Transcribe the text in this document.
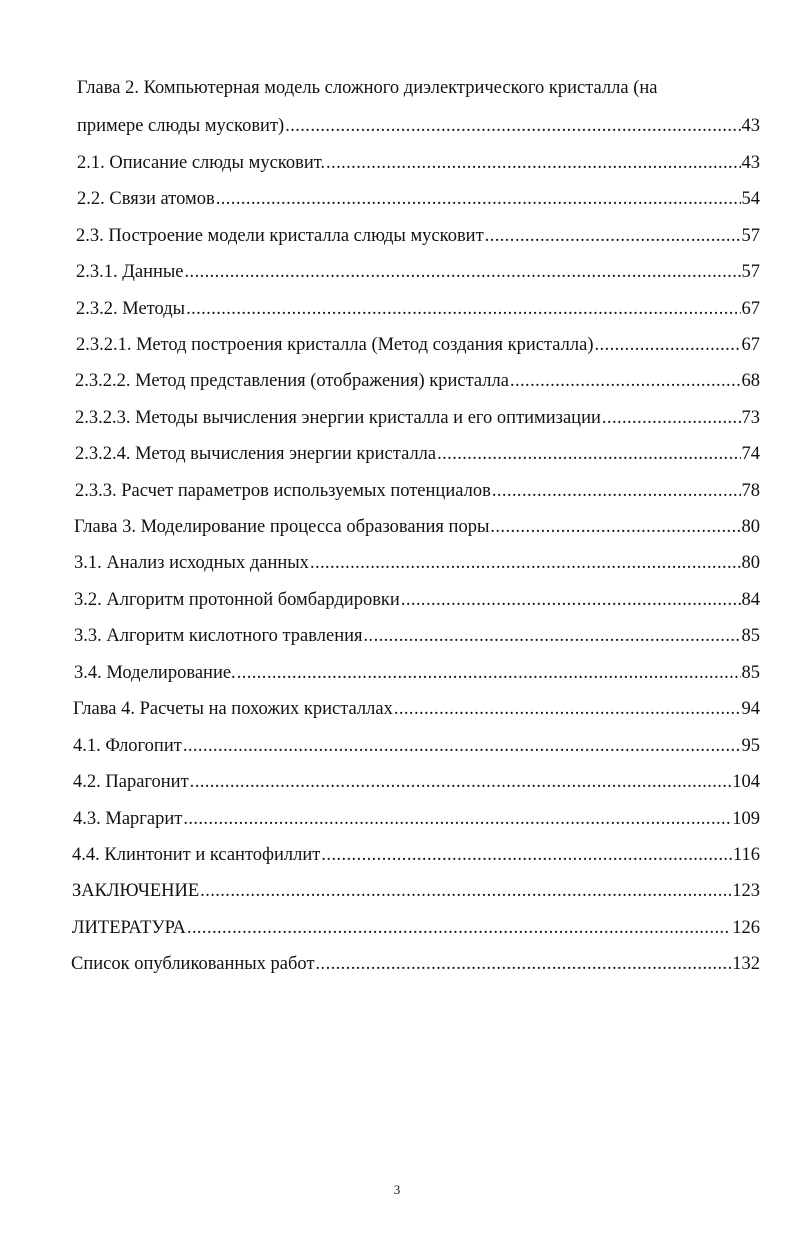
Глава 2. Компьютерная модель сложного диэлектрического кристалла (на
примере слюды мусковит) .....	43
2.1. Описание слюды мусковит. .....	43
2.2. Связи атомов .....	54
2.3. Построение модели кристалла слюды мусковит .....	57
2.3.1. Данные .....	57
2.3.2. Методы .....	67
2.3.2.1. Метод построения кристалла (Метод создания кристалла) .....	67
2.3.2.2. Метод представления (отображения) кристалла .....	68
2.3.2.3. Методы вычисления энергии кристалла и его оптимизации .....	73
2.3.2.4. Метод вычисления энергии кристалла .....	74
2.3.3. Расчет параметров используемых потенциалов .....	78
Глава 3. Моделирование процесса образования поры .....	80
3.1. Анализ исходных данных .....	80
3.2. Алгоритм протонной бомбардировки .....	84
3.3. Алгоритм кислотного травления .....	85
3.4. Моделирование. .....	85
Глава 4. Расчеты на похожих кристаллах .....	94
4.1. Флогопит .....	95
4.2. Парагонит .....	104
4.3. Маргарит .....	109
4.4. Клинтонит и ксантофиллит .....	116
ЗАКЛЮЧЕНИЕ .....	123
ЛИТЕРАТУРА .....	126
Список опубликованных работ .....	132
3
